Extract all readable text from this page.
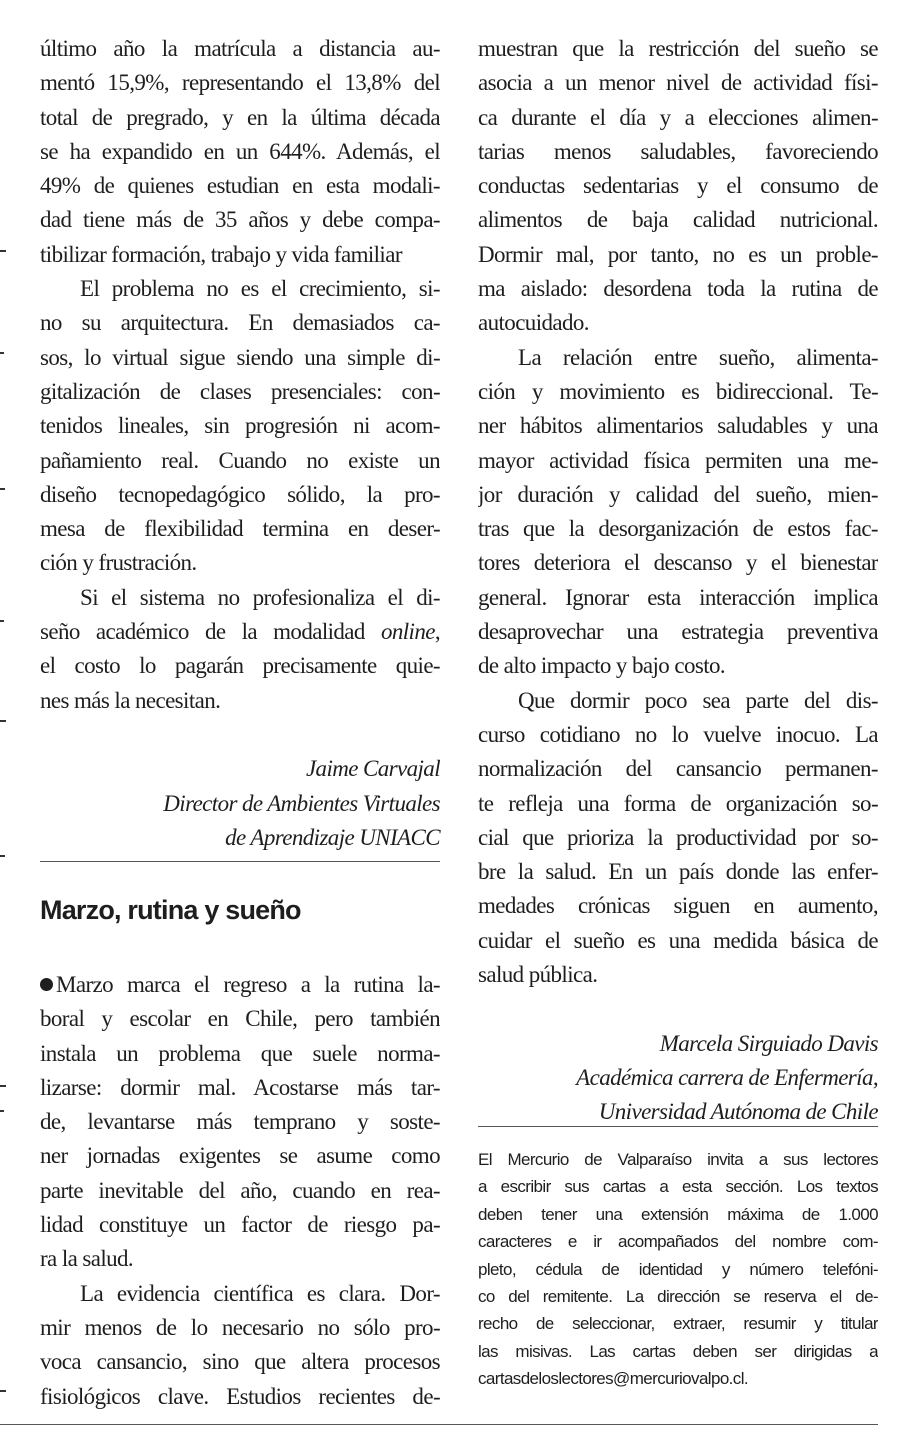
último año la matrícula a distancia au-
mentó 15,9%, representando el 13,8% del
total de pregrado, y en la última década
se ha expandido en un 644%. Además, el
49% de quienes estudian en esta modali-
dad tiene más de 35 años y debe compa-
tibilizar formación, trabajo y vida familiar
El problema no es el crecimiento, si-
no su arquitectura. En demasiados ca-
sos, lo virtual sigue siendo una simple di-
gitalización de clases presenciales: con-
tenidos lineales, sin progresión ni acom-
pañamiento real. Cuando no existe un
diseño tecnopedagógico sólido, la pro-
mesa de flexibilidad termina en deser-
ción y frustración.
Si el sistema no profesionaliza el di-
seño académico de la modalidad online,
el costo lo pagarán precisamente quie-
nes más la necesitan.
Jaime Carvajal
Director de Ambientes Virtuales
de Aprendizaje UNIACC
Marzo, rutina y sueño
Marzo marca el regreso a la rutina la-
boral y escolar en Chile, pero también
instala un problema que suele norma-
lizarse: dormir mal. Acostarse más tar-
de, levantarse más temprano y soste-
ner jornadas exigentes se asume como
parte inevitable del año, cuando en rea-
lidad constituye un factor de riesgo pa-
ra la salud.
La evidencia científica es clara. Dor-
mir menos de lo necesario no sólo pro-
voca cansancio, sino que altera procesos
fisiológicos clave. Estudios recientes de-
muestran que la restricción del sueño se
asocia a un menor nivel de actividad físi-
ca durante el día y a elecciones alimen-
tarias menos saludables, favoreciendo
conductas sedentarias y el consumo de
alimentos de baja calidad nutricional.
Dormir mal, por tanto, no es un proble-
ma aislado: desordena toda la rutina de
autocuidado.
La relación entre sueño, alimenta-
ción y movimiento es bidireccional. Te-
ner hábitos alimentarios saludables y una
mayor actividad física permiten una me-
jor duración y calidad del sueño, mien-
tras que la desorganización de estos fac-
tores deteriora el descanso y el bienestar
general. Ignorar esta interacción implica
desaprovechar una estrategia preventiva
de alto impacto y bajo costo.
Que dormir poco sea parte del dis-
curso cotidiano no lo vuelve inocuo. La
normalización del cansancio permanen-
te refleja una forma de organización so-
cial que prioriza la productividad por so-
bre la salud. En un país donde las enfer-
medades crónicas siguen en aumento,
cuidar el sueño es una medida básica de
salud pública.
Marcela Sirguiado Davis
Académica carrera de Enfermería,
Universidad Autónoma de Chile
El Mercurio de Valparaíso invita a sus lectores
a escribir sus cartas a esta sección. Los textos
deben tener una extensión máxima de 1.000
caracteres e ir acompañados del nombre com-
pleto, cédula de identidad y número telefóni-
co del remitente. La dirección se reserva el de-
recho de seleccionar, extraer, resumir y titular
las misivas. Las cartas deben ser dirigidas a
cartasdeloslectores@mercuriovalpo.cl.
